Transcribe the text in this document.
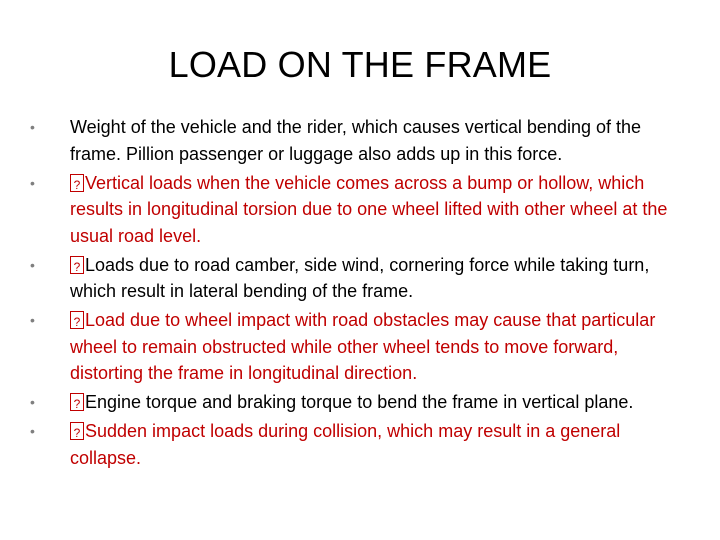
LOAD ON THE FRAME
•	Weight of the vehicle and the rider, which causes vertical bending of the frame. Pillion passenger or luggage also adds up in this force.
• ?	Vertical loads when the vehicle comes across a bump or hollow, which results in longitudinal torsion due to one wheel lifted with other wheel at the usual road level.
• ?	Loads due to road camber, side wind, cornering force while taking turn, which result in lateral bending of the frame.
• ?	Load due to wheel impact with road obstacles may cause that particular wheel to remain obstructed while other wheel tends to move forward, distorting the frame in longitudinal direction.
• ?	Engine torque and braking torque to bend the frame in vertical plane.
• ?	Sudden impact loads during collision, which may result in a general collapse.
